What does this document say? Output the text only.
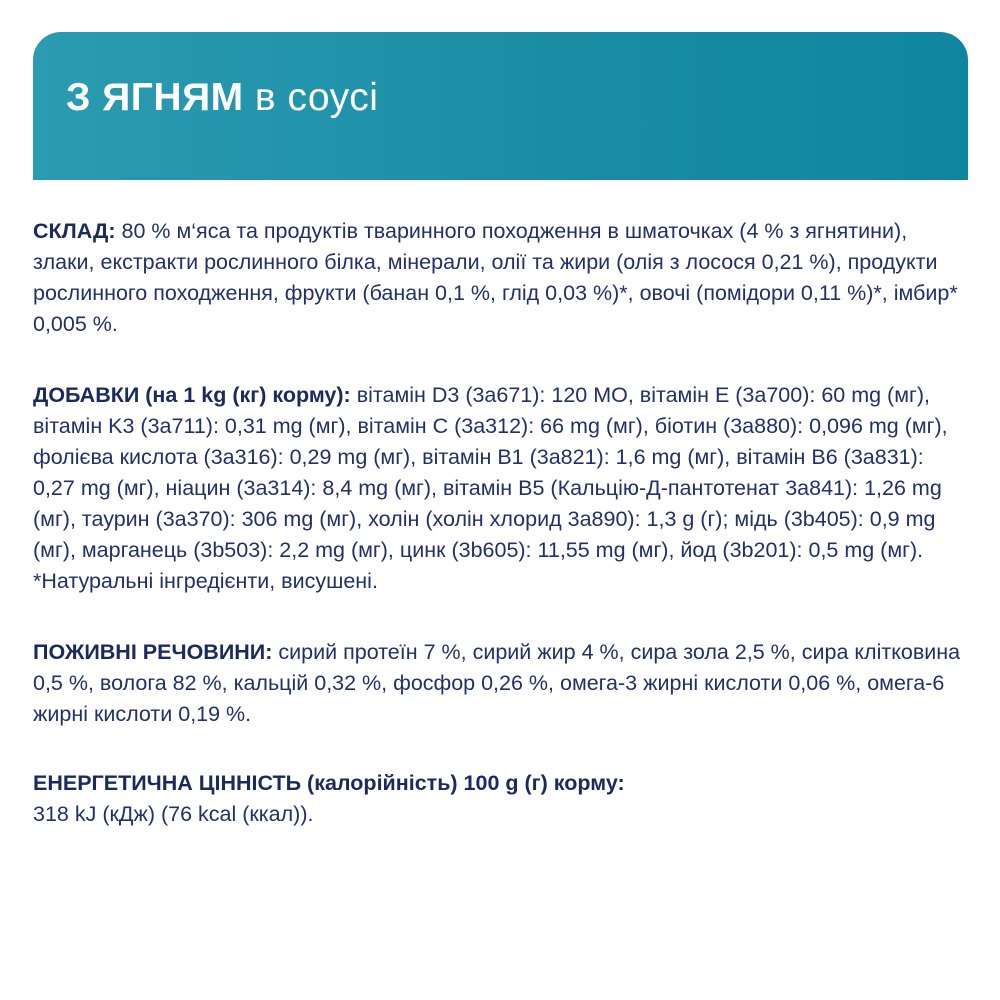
З ЯГНЯМ в соусі

СКЛАД: 80 % м‘яса та продуктів тваринного походження в шматочках (4 % з ягнятини), злаки, екстракти рослинного білка, мінерали, олії та жири (олія з лосося 0,21 %), продукти рослинного походження, фрукти (банан 0,1 %, глід 0,03 %)*, овочі (помідори 0,11 %)*, імбир* 0,005 %.

ДОБАВКИ (на 1 kg (кг) корму): вітамін D3 (3a671): 120 МО, вітамін E (3a700): 60 mg (мг), вітамін K3 (3a711): 0,31 mg (мг), вітамін C (3a312): 66 mg (мг), біотин (3a880): 0,096 mg (мг), фолієва кислота (3a316): 0,29 mg (мг), вітамін B1 (3a821): 1,6 mg (мг), вітамін B6 (3a831): 0,27 mg (мг), ніацин (3a314): 8,4 mg (мг), вітамін B5 (Кальцію-Д-пантотенат 3a841): 1,26 mg (мг), таурин (3a370): 306 mg (мг), холін (холін хлорид 3a890): 1,3 g (г); мідь (3b405): 0,9 mg (мг), марганець (3b503): 2,2 mg (мг), цинк (3b605): 11,55 mg (мг), йод (3b201): 0,5 mg (мг). *Натуральні інгредієнти, висушені.

ПОЖИВНІ РЕЧОВИНИ: сирий протеїн 7 %, сирий жир 4 %, сира зола 2,5 %, сира клітковина 0,5 %, волога 82 %, кальцій 0,32 %, фосфор 0,26 %, омега-3 жирні кислоти 0,06 %, омега-6 жирні кислоти 0,19 %.

ЕНЕРГЕТИЧНА ЦІННІСТЬ (калорійність) 100 g (г) корму:
318 kJ (кДж) (76 kcal (ккал)).
